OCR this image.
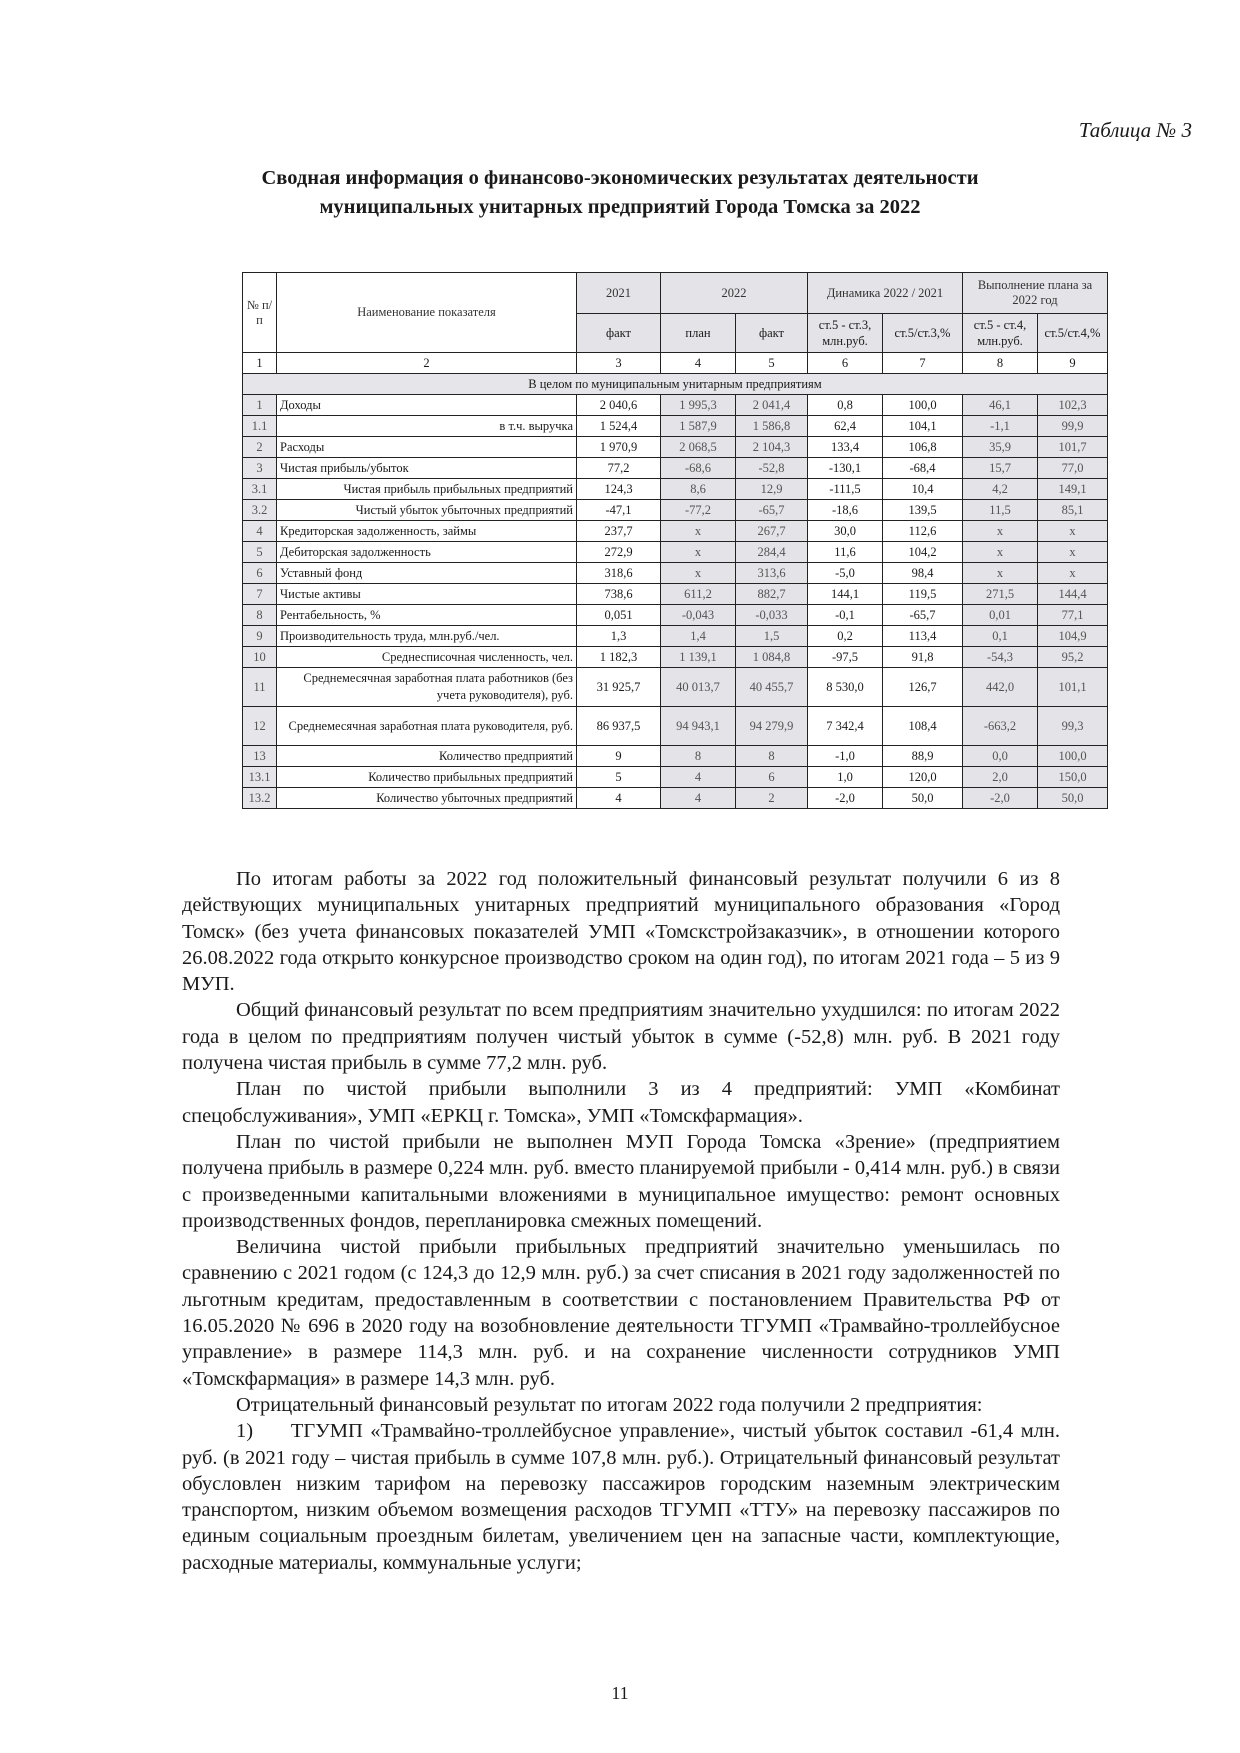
Таблица № 3
Сводная информация о финансово-экономических результатах деятельности
муниципальных унитарных предприятий Города Томска за 2022
№ п/п	Наименование показателя	2021	2022		Динамика 2022 / 2021		Выполнение плана за 2022 год	
		факт	план	факт	ст.5 - ст.3, млн.руб.	ст.5/ст.3,%	ст.5 - ст.4, млн.руб.	ст.5/ст.4,%
1	2	3	4	5	6	7	8	9
В целом по муниципальным унитарным предприятиям								
1	Доходы	2 040,6	1 995,3	2 041,4	0,8	100,0	46,1	102,3
1.1	в т.ч. выручка	1 524,4	1 587,9	1 586,8	62,4	104,1	-1,1	99,9
2	Расходы	1 970,9	2 068,5	2 104,3	133,4	106,8	35,9	101,7
3	Чистая прибыль/убыток	77,2	-68,6	-52,8	-130,1	-68,4	15,7	77,0
3.1	Чистая прибыль прибыльных предприятий	124,3	8,6	12,9	-111,5	10,4	4,2	149,1
3.2	Чистый убыток убыточных предприятий	-47,1	-77,2	-65,7	-18,6	139,5	11,5	85,1
4	Кредиторская задолженность, займы	237,7	x	267,7	30,0	112,6	x	x
5	Дебиторская задолженность	272,9	x	284,4	11,6	104,2	x	x
6	Уставный фонд	318,6	x	313,6	-5,0	98,4	x	x
7	Чистые активы	738,6	611,2	882,7	144,1	119,5	271,5	144,4
8	Рентабельность, %	0,051	-0,043	-0,033	-0,1	-65,7	0,01	77,1
9	Производительность труда, млн.руб./чел.	1,3	1,4	1,5	0,2	113,4	0,1	104,9
10	Среднесписочная численность, чел.	1 182,3	1 139,1	1 084,8	-97,5	91,8	-54,3	95,2
11	Среднемесячная заработная плата работников (без учета руководителя), руб.	31 925,7	40 013,7	40 455,7	8 530,0	126,7	442,0	101,1
12	Среднемесячная заработная плата руководителя, руб.	86 937,5	94 943,1	94 279,9	7 342,4	108,4	-663,2	99,3
13	Количество предприятий	9	8	8	-1,0	88,9	0,0	100,0
13.1	Количество прибыльных предприятий	5	4	6	1,0	120,0	2,0	150,0
13.2	Количество убыточных предприятий	4	4	2	-2,0	50,0	-2,0	50,0

По итогам работы за 2022 год положительный финансовый результат получили 6 из 8 действующих муниципальных унитарных предприятий муниципального образования «Город Томск» (без учета финансовых показателей УМП «Томскстройзаказчик», в отношении которого 26.08.2022 года открыто конкурсное производство сроком на один год), по итогам 2021 года – 5 из 9 МУП.

Общий финансовый результат по всем предприятиям значительно ухудшился: по итогам 2022 года в целом по предприятиям получен чистый убыток в сумме (-52,8) млн. руб. В 2021 году получена чистая прибыль в сумме 77,2 млн. руб.

План по чистой прибыли выполнили 3 из 4 предприятий: УМП «Комбинат спецобслуживания», УМП «ЕРКЦ г. Томска», УМП «Томскфармация».

План по чистой прибыли не выполнен МУП Города Томска «Зрение» (предприятием получена прибыль в размере 0,224 млн. руб. вместо планируемой прибыли - 0,414 млн. руб.) в связи с произведенными капитальными вложениями в муниципальное имущество: ремонт основных производственных фондов, перепланировка смежных помещений.

Величина чистой прибыли прибыльных предприятий значительно уменьшилась по сравнению с 2021 годом (с 124,3 до 12,9 млн. руб.) за счет списания в 2021 году задолженностей по льготным кредитам, предоставленным в соответствии с постановлением Правительства РФ от 16.05.2020 № 696 в 2020 году на возобновление деятельности ТГУМП «Трамвайно-троллейбусное управление» в размере 114,3 млн. руб. и на сохранение численности сотрудников УМП «Томскфармация» в размере 14,3 млн. руб.

Отрицательный финансовый результат по итогам 2022 года получили 2 предприятия:

1)     ТГУМП «Трамвайно-троллейбусное управление», чистый убыток составил -61,4 млн. руб. (в 2021 году – чистая прибыль в сумме 107,8 млн. руб.). Отрицательный финансовый результат обусловлен низким тарифом на перевозку пассажиров городским наземным электрическим транспортом, низким объемом возмещения расходов ТГУМП «ТТУ» на перевозку пассажиров по единым социальным проездным билетам, увеличением цен на запасные части, комплектующие, расходные материалы, коммунальные услуги;

11
